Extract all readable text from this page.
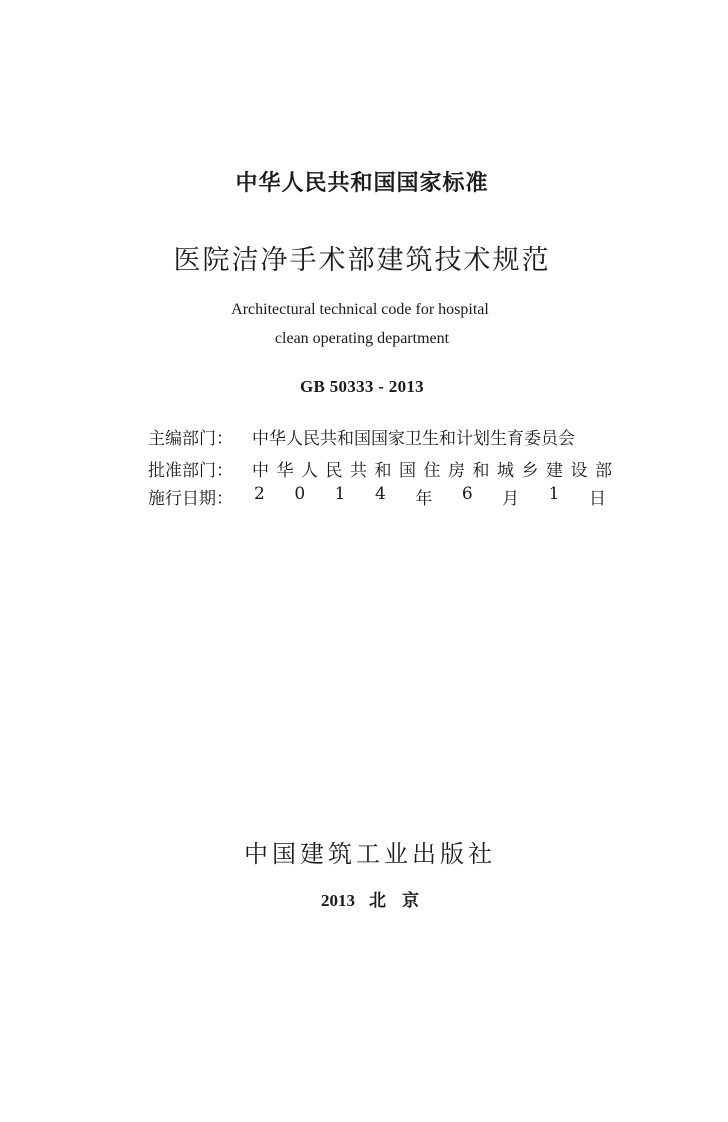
中华人民共和国国家标准
医院洁净手术部建筑技术规范
Architectural technical code for hospital
clean operating department
GB 50333 - 2013
主编部门： 中华人民共和国国家卫生和计划生育委员会
批准部门： 中 华 人 民 共 和 国 住 房 和 城 乡 建 设 部
施行日期： 2 0 1 4 年 6 月 1 日
中国建筑工业出版社
2013 北 京
